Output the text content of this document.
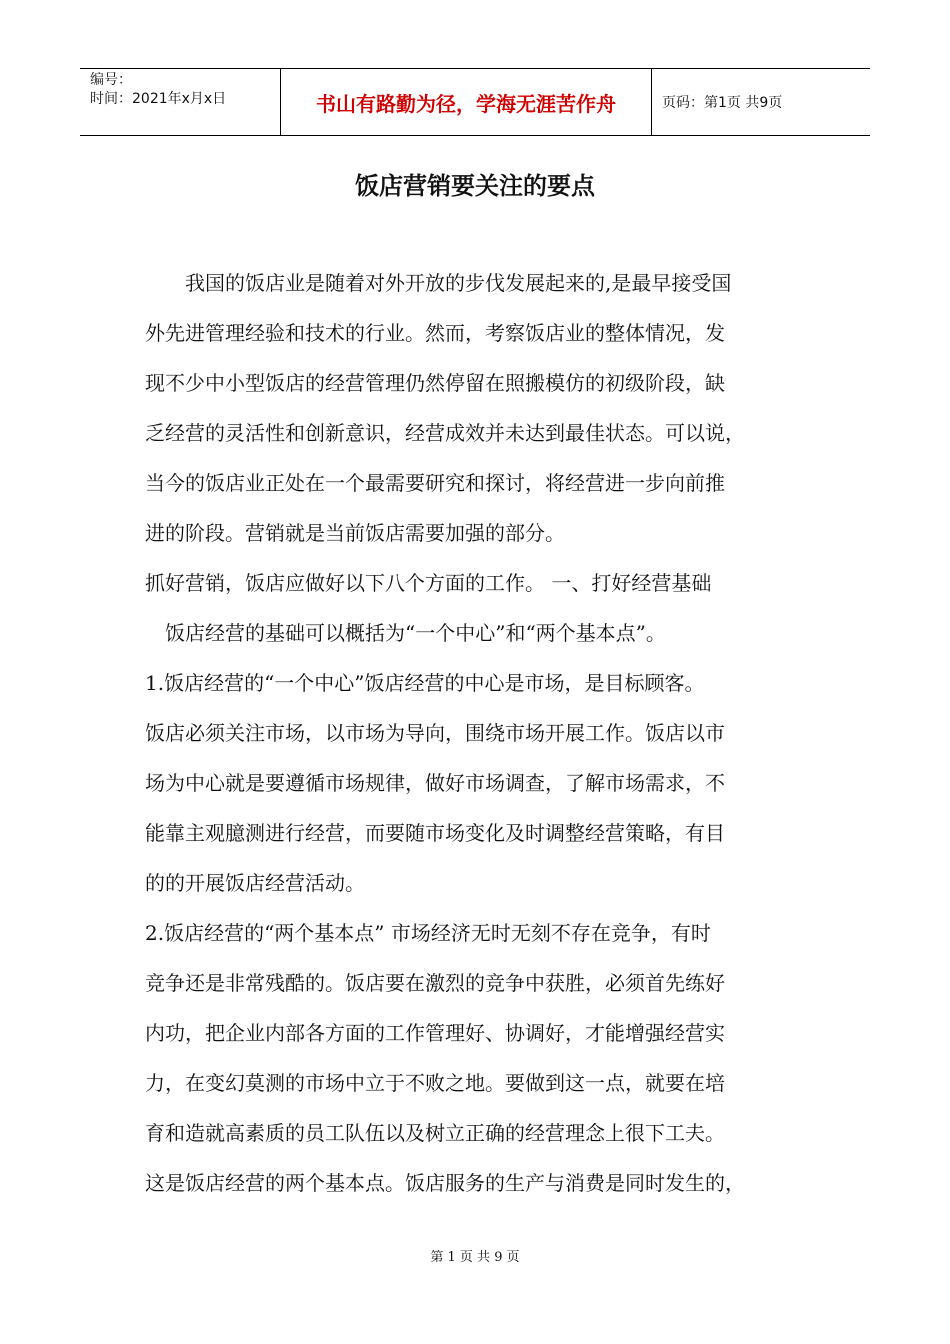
编号：
时间：2021年x月x日	书山有路勤为径，学海无涯苦作舟	页码：第1页 共9页
饭店营销要关注的要点
　　我国的饭店业是随着对外开放的步伐发展起来的,是最早接受国
外先进管理经验和技术的行业。然而，考察饭店业的整体情况，发
现不少中小型饭店的经营管理仍然停留在照搬模仿的初级阶段，缺
乏经营的灵活性和创新意识，经营成效并未达到最佳状态。可以说，
当今的饭店业正处在一个最需要研究和探讨，将经营进一步向前推
进的阶段。营销就是当前饭店需要加强的部分。
抓好营销，饭店应做好以下八个方面的工作。 一、打好经营基础
　饭店经营的基础可以概括为“一个中心”和“两个基本点”。
1.饭店经营的“一个中心”饭店经营的中心是市场，是目标顾客。
饭店必须关注市场，以市场为导向，围绕市场开展工作。饭店以市
场为中心就是要遵循市场规律，做好市场调查，了解市场需求，不
能靠主观臆测进行经营，而要随市场变化及时调整经营策略，有目
的的开展饭店经营活动。
2.饭店经营的“两个基本点” 市场经济无时无刻不存在竞争，有时
竞争还是非常残酷的。饭店要在激烈的竞争中获胜，必须首先练好
内功，把企业内部各方面的工作管理好、协调好，才能增强经营实
力，在变幻莫测的市场中立于不败之地。要做到这一点，就要在培
育和造就高素质的员工队伍以及树立正确的经营理念上很下工夫。
这是饭店经营的两个基本点。饭店服务的生产与消费是同时发生的，
第 1 页 共 9 页
